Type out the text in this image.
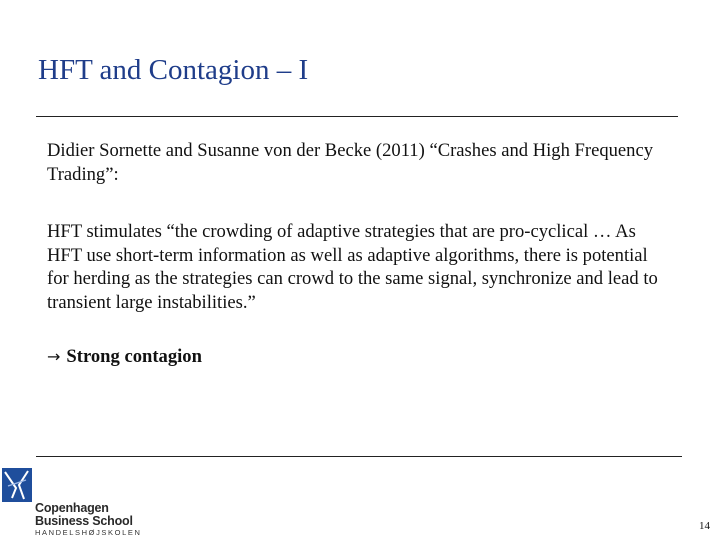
HFT and Contagion – I

Didier Sornette and Susanne von der Becke (2011) “Crashes and High Frequency Trading”:

HFT stimulates “the crowding of adaptive strategies that are pro-cyclical … As HFT use short-term information as well as adaptive algorithms, there is potential for herding as the strategies can crowd to the same signal, synchronize and lead to transient large instabilities.”

→ Strong contagion

Copenhagen
Business School
HANDELSHØJSKOLEN
14
